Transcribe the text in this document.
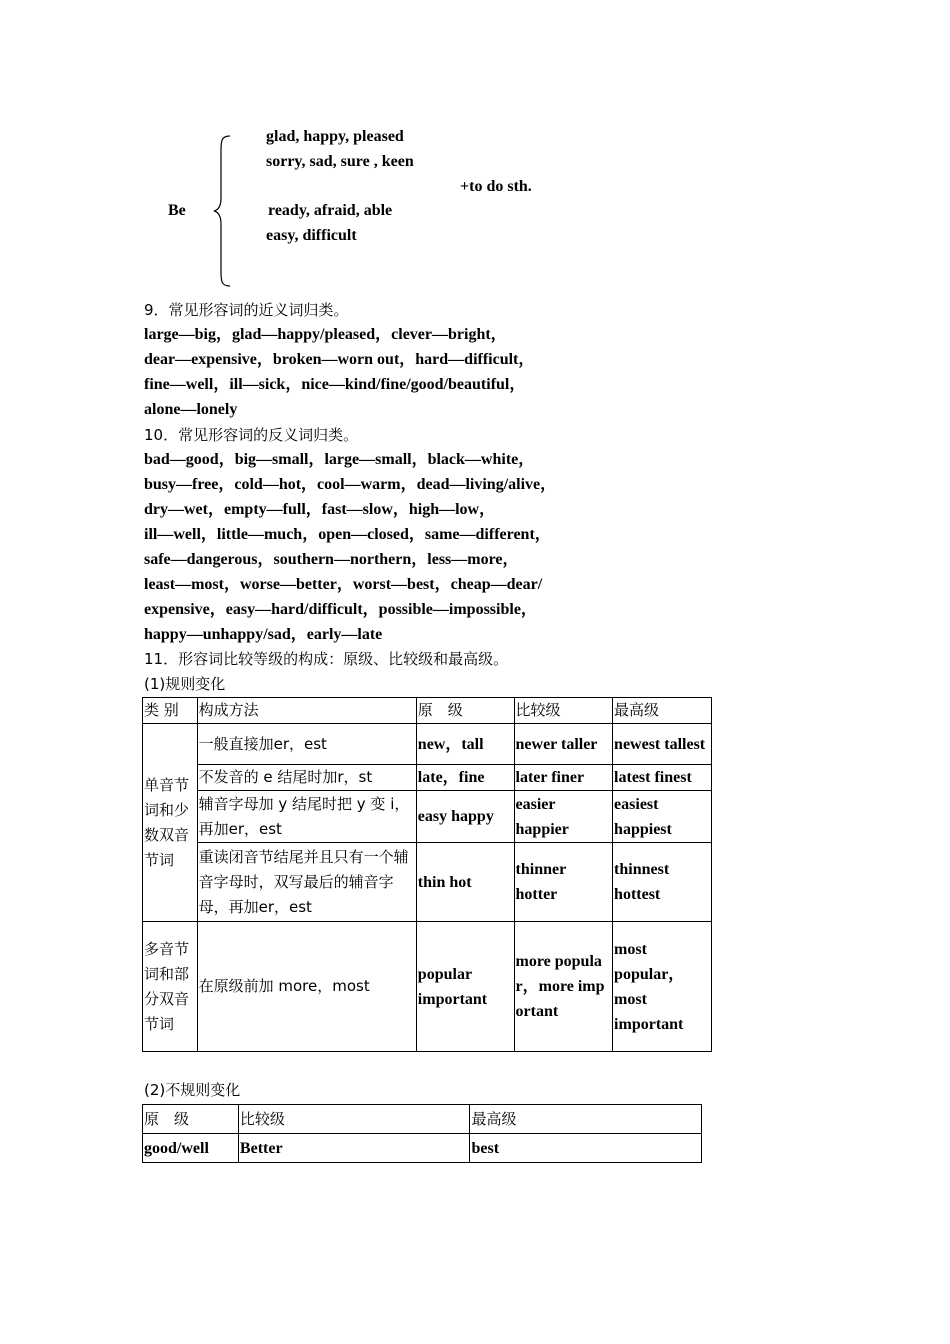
Be
glad, happy, pleased
sorry, sad, sure , keen
+to do sth.
ready, afraid, able
easy, difficult
9．常见形容词的近义词归类。
large—big，glad—happy/pleased，clever—bright，
dear—expensive，broken—worn out，hard—difficult，
fine—well，ill—sick，nice—kind/fine/good/beautiful，
alone—lonely
10．常见形容词的反义词归类。
bad—good，big—small，large—small，black—white，
busy—free，cold—hot，cool—warm，dead—living/alive，
dry—wet，empty—full，fast—slow，high—low，
ill—well，little—much，open—closed，same—different，
safe—dangerous，southern—northern，less—more，
least—most，worse—better，worst—best，cheap—dear/
expensive，easy—hard/difficult，possible—impossible，
happy—unhappy/sad，early—late
11．形容词比较等级的构成：原级、比较级和最高级。
(1)规则变化
类 别	构成方法	原　级	比较级	最高级
单音节词和少数双音节词	一般直接加er，est	new，tall	newer taller	newest tallest
	不发音的 e 结尾时加r，st	late，fine	later finer	latest finest
	辅音字母加 y 结尾时把 y 变 i，再加er，est	easy happy	easier happier	easiest happiest
	重读闭音节结尾并且只有一个辅音字母时，双写最后的辅音字母，再加er，est	thin hot	thinner hotter	thinnest hottest
多音节词和部分双音节词	在原级前加 more，most	popular important	more popular，more important	most popular，most important
(2)不规则变化
原　级	比较级	最高级
good/well	Better	best
